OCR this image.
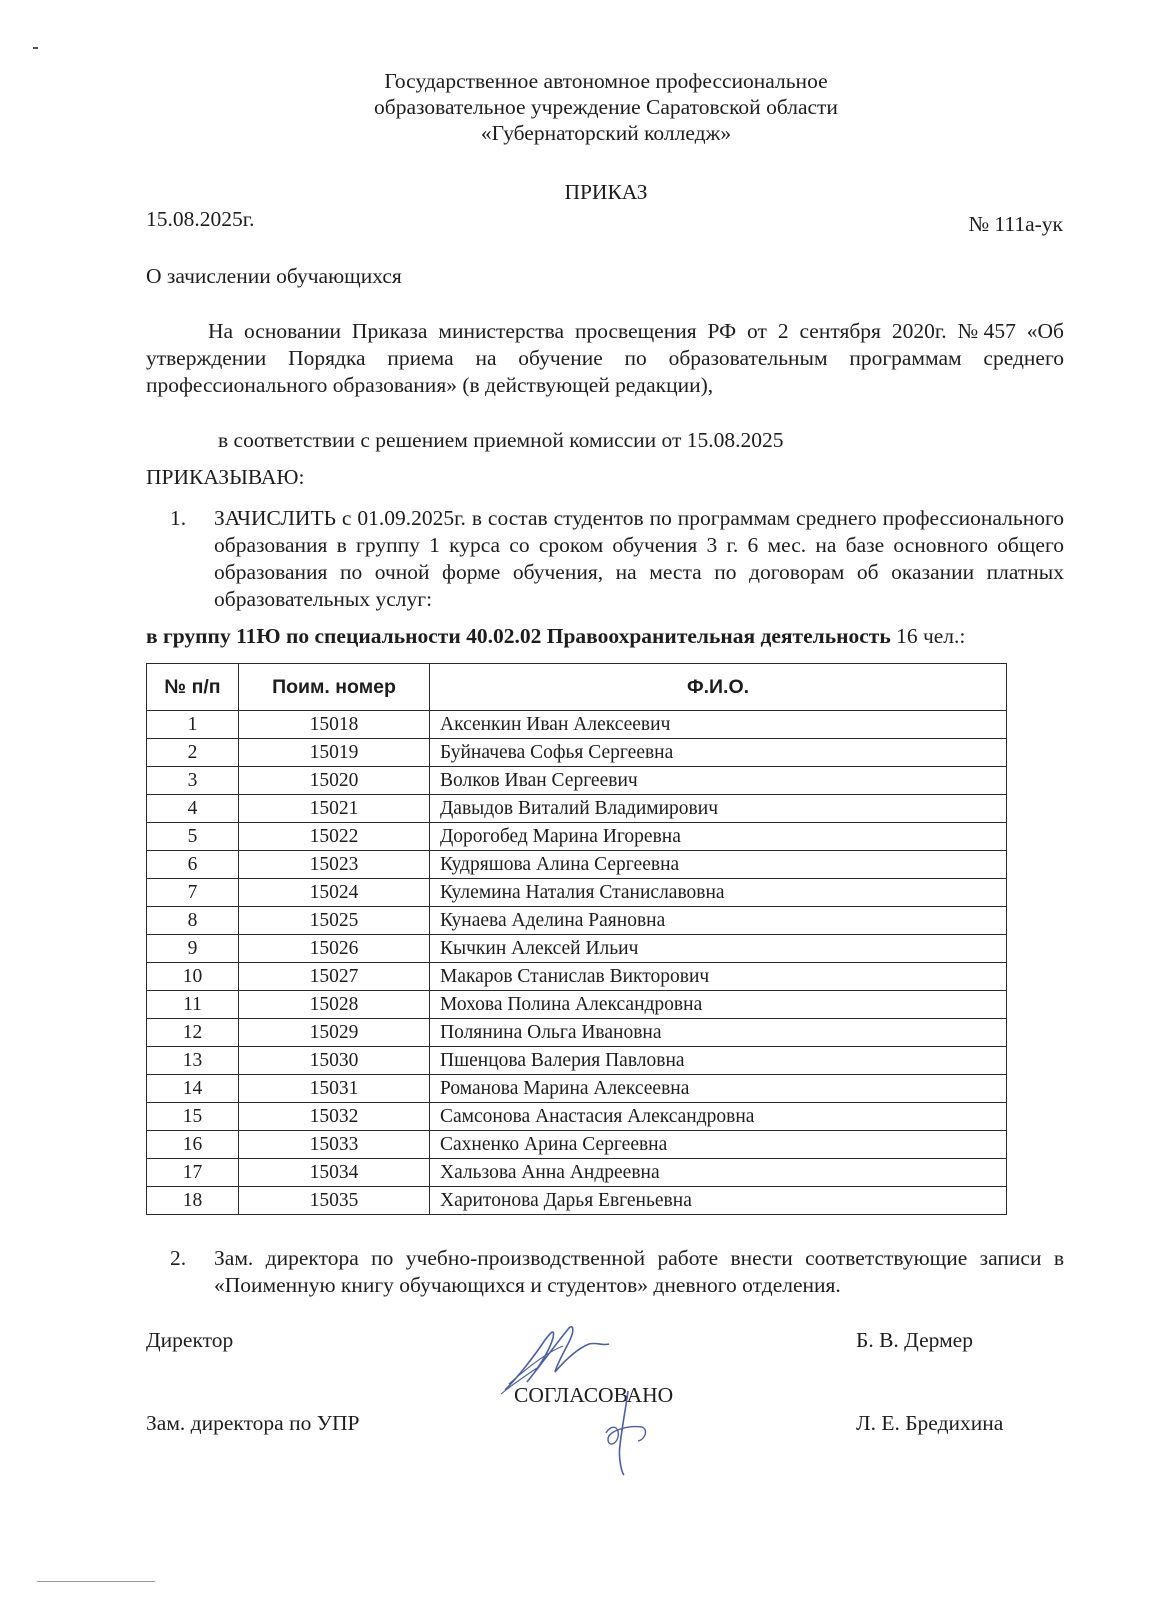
Государственное автономное профессиональное
образовательное учреждение Саратовской области
«Губернаторский колледж»
ПРИКАЗ
15.08.2025г.	№ 111а-ук
О зачислении обучающихся
На основании Приказа министерства просвещения РФ от 2 сентября 2020г. №457 «Об утверждении Порядка приема на обучение по образовательным программам среднего профессионального образования» (в действующей редакции),
в соответствии с решением приемной комиссии от 15.08.2025
ПРИКАЗЫВАЮ:
1. ЗАЧИСЛИТЬ с 01.09.2025г. в состав студентов по программам среднего профессионального образования в группу 1 курса со сроком обучения 3 г. 6 мес. на базе основного общего образования по очной форме обучения, на места по договорам об оказании платных образовательных услуг:
в группу 11Ю по специальности 40.02.02 Правоохранительная деятельность 16 чел.:
№ п/п	Поим. номер	Ф.И.О.
1	15018	Аксенкин Иван Алексеевич
2	15019	Буйначева Софья Сергеевна
3	15020	Волков Иван Сергеевич
4	15021	Давыдов Виталий Владимирович
5	15022	Дорогобед Марина Игоревна
6	15023	Кудряшова Алина Сергеевна
7	15024	Кулемина Наталия Станиславовна
8	15025	Кунаева Аделина Раяновна
9	15026	Кычкин Алексей Ильич
10	15027	Макаров Станислав Викторович
11	15028	Мохова Полина Александровна
12	15029	Полянина Ольга Ивановна
13	15030	Пшенцова Валерия Павловна
14	15031	Романова Марина Алексеевна
15	15032	Самсонова Анастасия Александровна
16	15033	Сахненко Арина Сергеевна
17	15034	Хальзова Анна Андреевна
18	15035	Харитонова Дарья Евгеньевна
2. Зам. директора по учебно-производственной работе внести соответствующие записи в «Поименную книгу обучающихся и студентов» дневного отделения.
Директор	Б. В. Дермер
СОГЛАСОВАНО
Зам. директора по УПР	Л. Е. Бредихина
